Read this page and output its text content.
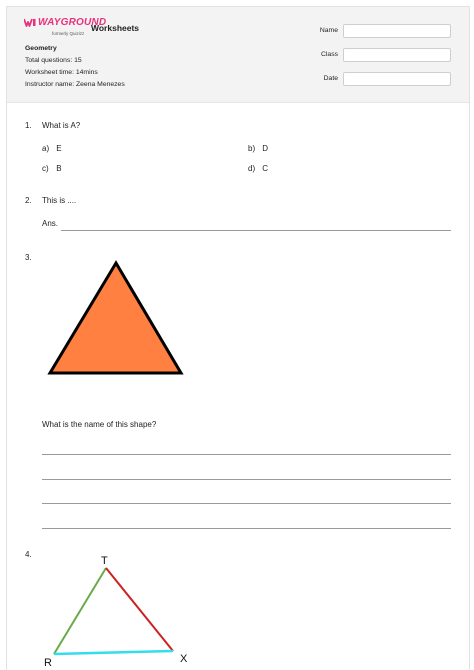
WAYGROUND
formerly Quizizz
Worksheets
Geometry
Total questions: 15
Worksheet time: 14mins
Instructor name: Zeena Menezes
Name
Class
Date
1. What is A?
a) E	b) D
c) B	d) C
2. This is ....
Ans.
3.
What is the name of this shape?
4.
T
R	X
